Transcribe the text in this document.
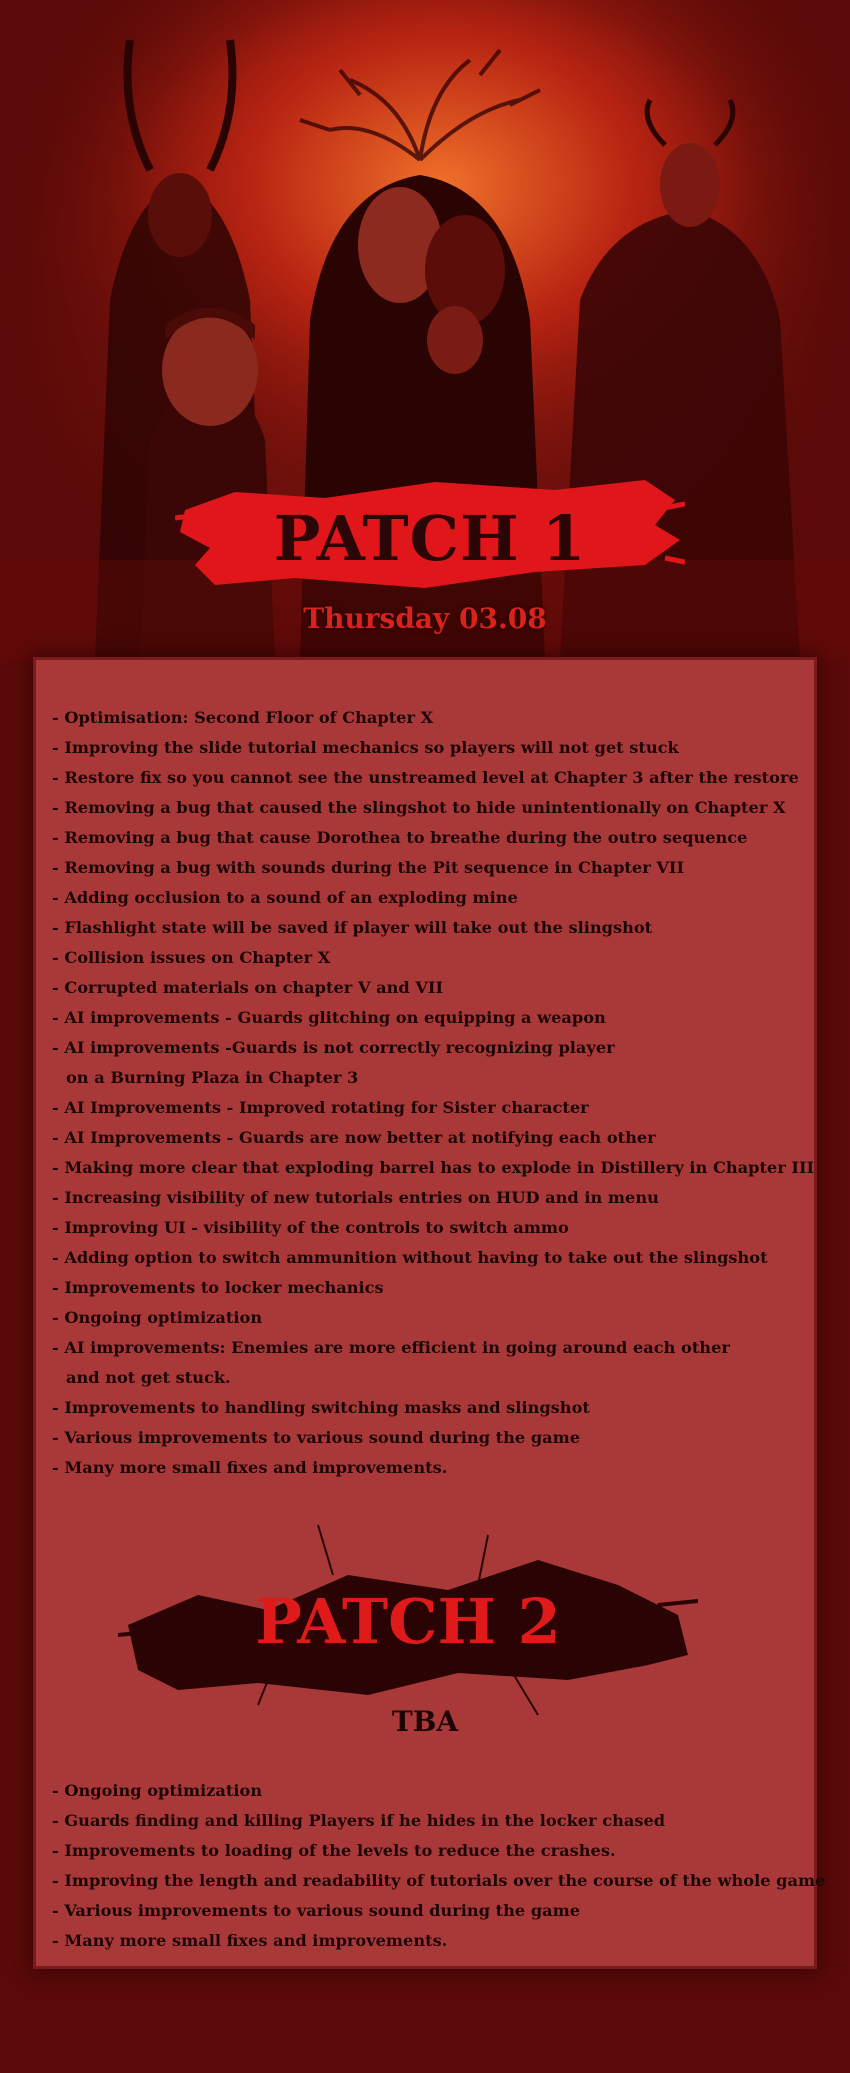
PATCH 1
Thursday 03.08
- Optimisation: Second Floor of Chapter X
- Improving the slide tutorial mechanics so players will not get stuck
- Restore fix so you cannot see the unstreamed level at Chapter 3 after the restore
- Removing a bug that caused the slingshot to hide unintentionally on Chapter X
- Removing a bug that cause Dorothea to breathe during the outro sequence
- Removing a bug with sounds during the Pit sequence in Chapter VII
- Adding occlusion to a sound of an exploding mine
- Flashlight state will be saved if player will take out the slingshot
- Collision issues on Chapter X
- Corrupted materials on chapter V and VII
- AI improvements - Guards glitching on equipping a weapon
- AI improvements -Guards is not correctly recognizing player
on a Burning Plaza in Chapter 3
- AI Improvements - Improved rotating for Sister character
- AI Improvements - Guards are now better at notifying each other
- Making more clear that exploding barrel has to explode in Distillery in Chapter III
- Increasing visibility of new tutorials entries on HUD and in menu
- Improving UI - visibility of the controls to switch ammo
- Adding option to switch ammunition without having to take out the slingshot
- Improvements to locker mechanics
- Ongoing optimization
- AI improvements: Enemies are more efficient in going around each other
and not get stuck.
- Improvements to handling switching masks and slingshot
- Various improvements to various sound during the game
- Many more small fixes and improvements.
PATCH 2
TBA
- Ongoing optimization
- Guards finding and killing Players if he hides in the locker chased
- Improvements to loading of the levels to reduce the crashes.
- Improving the length and readability of tutorials over the course of the whole game
- Various improvements to various sound during the game
- Many more small fixes and improvements.
